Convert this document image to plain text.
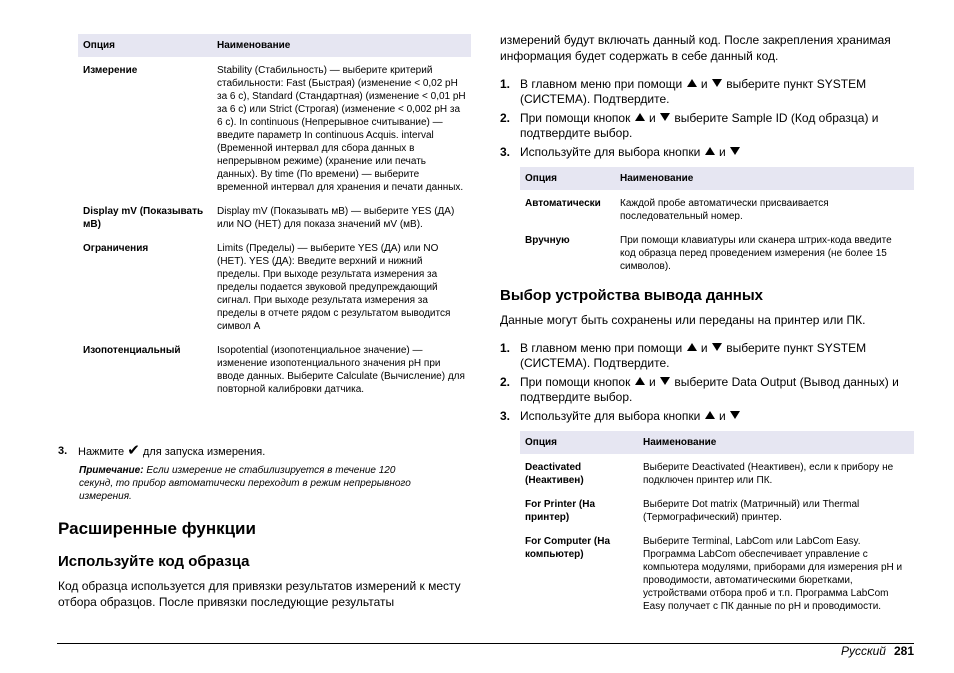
Опция	Наименование
Измерение	Stability (Стабильность) — выберите критерий стабильности: Fast (Быстрая) (изменение < 0,02 pH за 6 с), Standard (Стандартная) (изменение < 0,01 pH за 6 с) или Strict (Строгая) (изменение < 0,002 pH за 6 с). In continuous (Непрерывное считывание) — введите параметр In continuous Acquis. interval (Временной интервал для сбора данных в непрерывном режиме) (хранение или печать данных). By time (По времени) — выберите временной интервал для хранения и печати данных.
Display mV (Показывать мВ)	Display mV (Показывать мВ) — выберите YES (ДА) или NO (НЕТ) для показа значений мV (мВ).
Ограничения	Limits (Пределы) — выберите YES (ДА) или NO (НЕТ). YES (ДА): Введите верхний и нижний пределы. При выходе результата измерения за пределы подается звуковой предупреждающий сигнал. При выходе результата измерения за пределы в отчете рядом с результатом выводится символ A
Изопотенциальный	Isopotential (изопотенциальное значение) — изменение изопотенциального значения pH при вводе данных. Выберите Calculate (Вычисление) для повторной калибровки датчика.

3. Нажмите ✔ для запуска измерения.

Примечание: Если измерение не стабилизируется в течение 120 секунд, то прибор автоматически переходит в режим непрерывного измерения.

Расширенные функции
Используйте код образца

Код образца используется для привязки результатов измерений к месту отбора образцов. После привязки последующие результаты

измерений будут включать данный код. После закрепления хранимая информация будет содержать в себе данный код.

1. В главном меню при помощи и выберите пункт SYSTEM (СИСТЕМА). Подтвердите.

2. При помощи кнопок и выберите Sample ID (Код образца) и подтвердите выбор.

3. Используйте для выбора кнопки и

Опция	Наименование
Автоматически	Каждой пробе автоматически присваивается последовательный номер.
Вручную	При помощи клавиатуры или сканера штрих-кода введите код образца перед проведением измерения (не более 15 символов).
Выбор устройства вывода данных

Данные могут быть сохранены или переданы на принтер или ПК.

1. В главном меню при помощи и выберите пункт SYSTEM (СИСТЕМА). Подтвердите.

2. При помощи кнопок и выберите Data Output (Вывод данных) и подтвердите выбор.

3. Используйте для выбора кнопки и

Опция	Наименование
Deactivated (Неактивен)	Выберите Deactivated (Неактивен), если к прибору не подключен принтер или ПК.
For Printer (На принтер)	Выберите Dot matrix (Матричный) или Thermal (Термографический) принтер.
For Computer (На компьютер)	Выберите Terminal, LabCom или LabCom Easy. Программа LabCom обеспечивает управление с компьютера модулями, приборами для измерения pH и проводимости, автоматическими бюретками, устройствами отбора проб и т.п. Программа LabCom Easy получает с ПК данные по pH и проводимости.
Русский 281
